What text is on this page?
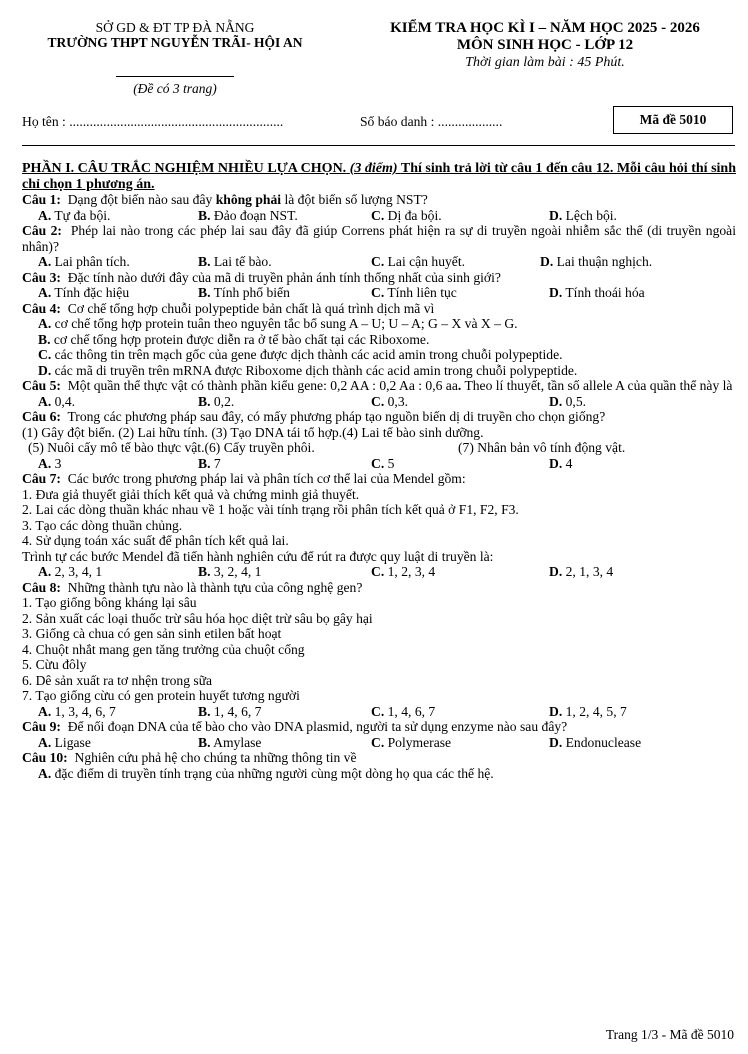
SỞ GD & ĐT TP ĐÀ NẴNG
TRƯỜNG THPT NGUYỄN TRÃI- HỘI AN
(Đề có 3 trang)
KIỂM TRA HỌC KÌ I – NĂM HỌC 2025 - 2026
MÔN SINH HỌC - LỚP 12
Thời gian làm bài : 45 Phút.
Họ tên : ...............................................................	Số báo danh : ...................	Mã đề 5010

PHẦN I. CÂU TRẮC NGHIỆM NHIỀU LỰA CHỌN. (3 điểm) Thí sinh trả lời từ câu 1 đến câu 12. Mỗi câu hỏi thí sinh chỉ chọn 1 phương án.

Câu 1: Dạng đột biến nào sau đây không phải là đột biến số lượng NST?

A. Tự đa bội.	B. Đảo đoạn NST.	C. Dị đa bội.	D. Lệch bội.

Câu 2: Phép lai nào trong các phép lai sau đây đã giúp Correns phát hiện ra sự di truyền ngoài nhiễm sắc thể (di truyền ngoài nhân)?

A. Lai phân tích.	B. Lai tế bào.	C. Lai cận huyết.	D. Lai thuận nghịch.

Câu 3: Đặc tính nào dưới đây của mã di truyền phản ánh tính thống nhất của sinh giới?

A. Tính đặc hiệu	B. Tính phổ biến	C. Tính liên tục	D. Tính thoái hóa

Câu 4: Cơ chế tổng hợp chuỗi polypeptide bản chất là quá trình dịch mã vì

A. cơ chế tổng hợp protein tuân theo nguyên tắc bổ sung A – U; U – A; G – X và X – G.

B. cơ chế tổng hợp protein được diễn ra ở tế bào chất tại các Riboxome.

C. các thông tin trên mạch gốc của gene được dịch thành các acid amin trong chuỗi polypeptide.

D. các mã di truyền trên mRNA được Riboxome dịch thành các acid amin trong chuỗi polypeptide.

Câu 5: Một quần thể thực vật có thành phần kiểu gene: 0,2 AA : 0,2 Aa : 0,6 aa. Theo lí thuyết, tần số allele A của quần thể này là

A. 0,4.	B. 0,2.	C. 0,3.	D. 0,5.

Câu 6: Trong các phương pháp sau đây, có mấy phương pháp tạo nguồn biến dị di truyền cho chọn giống?

(1) Gây đột biến. (2) Lai hữu tính. (3) Tạo DNA tái tổ hợp.(4) Lai tế bào sinh dưỡng.

(5) Nuôi cấy mô tế bào thực vật.(6) Cấy truyền phôi.	(7) Nhân bản vô tính động vật.
A. 3	B. 7	C. 5	D. 4

Câu 7: Các bước trong phương pháp lai và phân tích cơ thể lai của Mendel gồm:

1. Đưa giả thuyết giải thích kết quả và chứng minh giả thuyết.

2. Lai các dòng thuần khác nhau về 1 hoặc vài tính trạng rồi phân tích kết quả ở F1, F2, F3.

3. Tạo các dòng thuần chủng.

4. Sử dụng toán xác suất để phân tích kết quả lai.

Trình tự các bước Mendel đã tiến hành nghiên cứu để rút ra được quy luật di truyền là:

A. 2, 3, 4, 1	B. 3, 2, 4, 1	C. 1, 2, 3, 4	D. 2, 1, 3, 4

Câu 8: Những thành tựu nào là thành tựu của công nghệ gen?

1. Tạo giống bông kháng lại sâu

2. Sản xuất các loại thuốc trừ sâu hóa học diệt trừ sâu bọ gây hại

3. Giống cà chua có gen sản sinh etilen bất hoạt

4. Chuột nhắt mang gen tăng trưởng của chuột cống

5. Cừu đôly

6. Dê sản xuất ra tơ nhện trong sữa

7. Tạo giống cừu có gen protein huyết tương người

A. 1, 3, 4, 6, 7	B. 1, 4, 6, 7	C. 1, 4, 6, 7	D. 1, 2, 4, 5, 7

Câu 9: Để nối đoạn DNA của tế bào cho vào DNA plasmid, người ta sử dụng enzyme nào sau đây?

A. Ligase	B. Amylase	C. Polymerase	D. Endonuclease

Câu 10: Nghiên cứu phả hệ cho chúng ta những thông tin về

A. đặc điểm di truyền tính trạng của những người cùng một dòng họ qua các thế hệ.

Trang 1/3 - Mã đề 5010
